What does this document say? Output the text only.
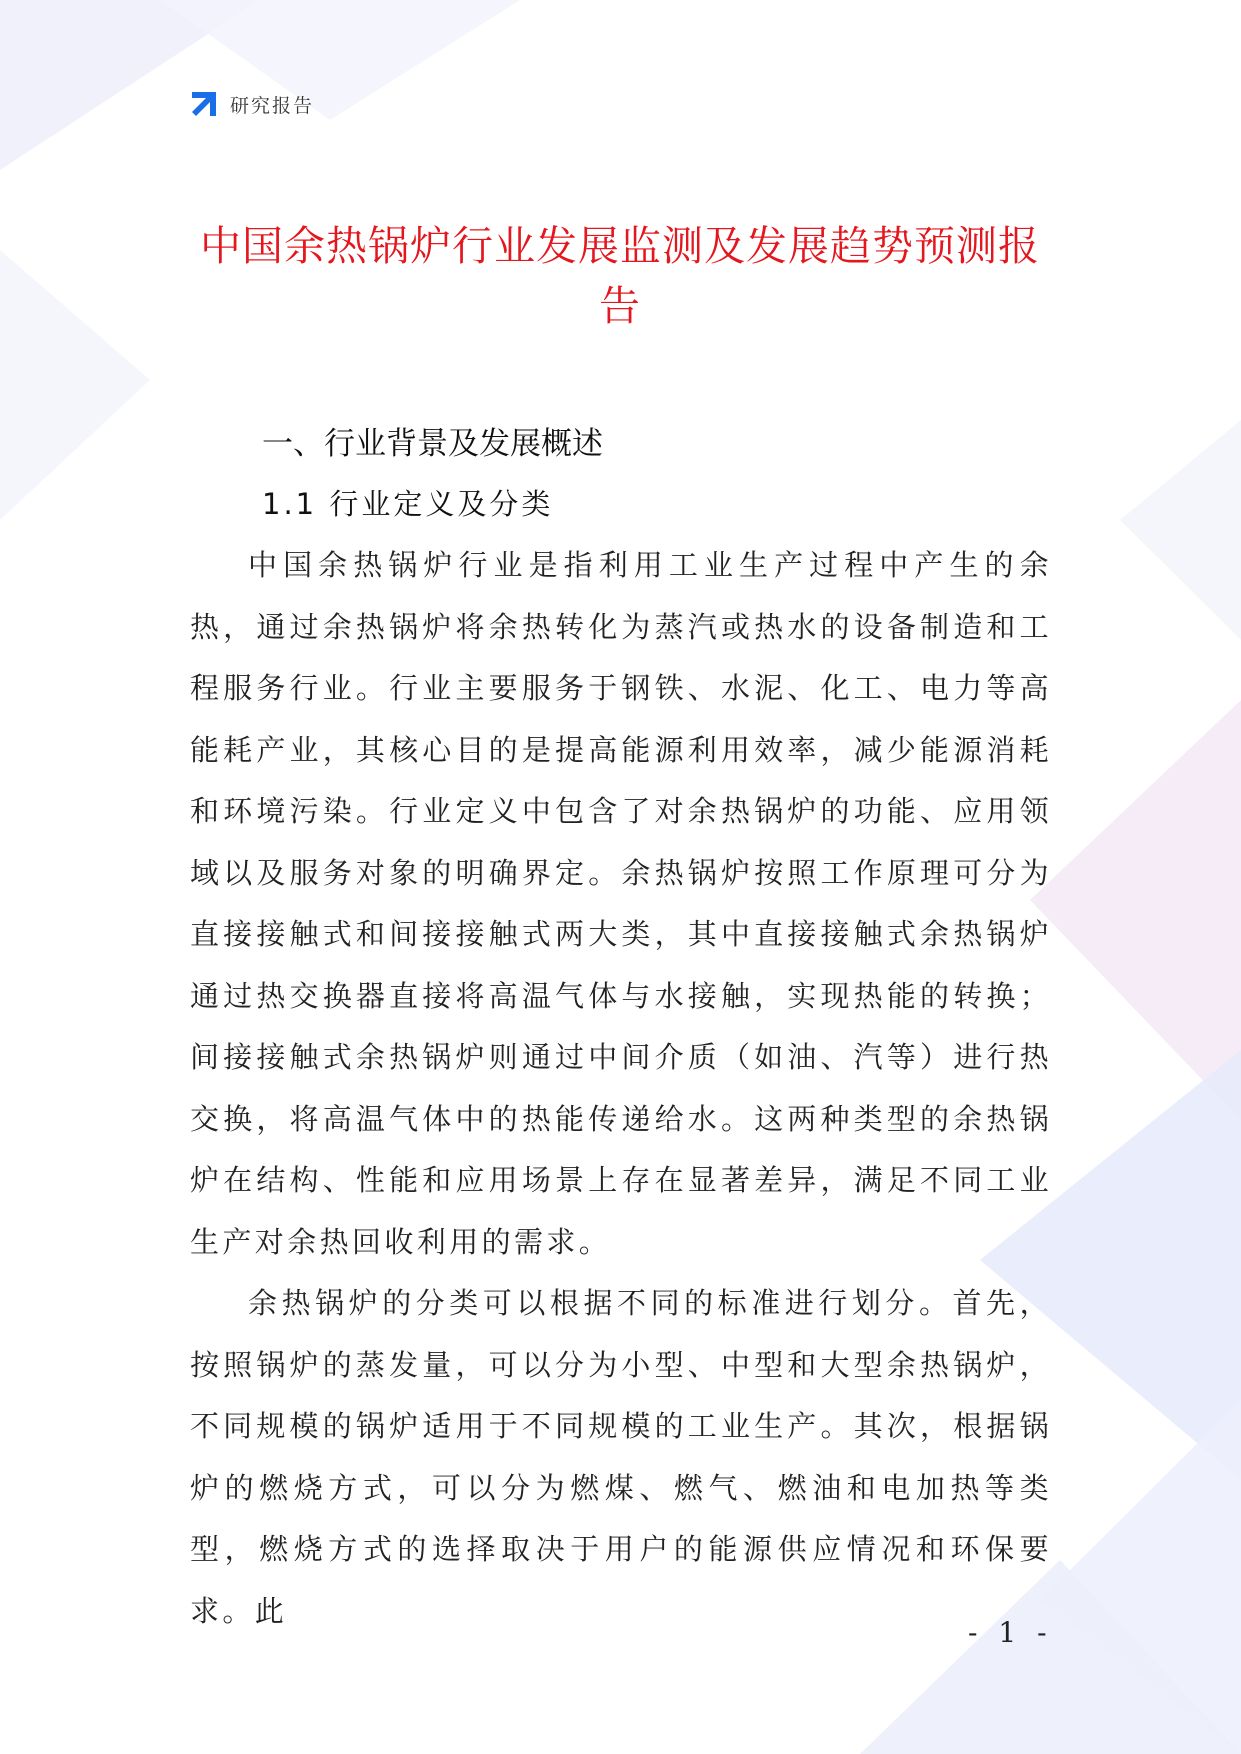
研究报告
中国余热锅炉行业发展监测及发展趋势预测报告
一、行业背景及发展概述
1.1 行业定义及分类

中国余热锅炉行业是指利用工业生产过程中产生的余热，通过余热锅炉将余热转化为蒸汽或热水的设备制造和工程服务行业。行业主要服务于钢铁、水泥、化工、电力等高能耗产业，其核心目的是提高能源利用效率，减少能源消耗和环境污染。行业定义中包含了对余热锅炉的功能、应用领域以及服务对象的明确界定。余热锅炉按照工作原理可分为直接接触式和间接接触式两大类，其中直接接触式余热锅炉通过热交换器直接将高温气体与水接触，实现热能的转换；间接接触式余热锅炉则通过中间介质（如油、汽等）进行热交换，将高温气体中的热能传递给水。这两种类型的余热锅炉在结构、性能和应用场景上存在显著差异，满足不同工业生产对余热回收利用的需求。

余热锅炉的分类可以根据不同的标准进行划分。首先，按照锅炉的蒸发量，可以分为小型、中型和大型余热锅炉，不同规模的锅炉适用于不同规模的工业生产。其次，根据锅炉的燃烧方式，可以分为燃煤、燃气、燃油和电加热等类型，燃烧方式的选择取决于用户的能源供应情况和环保要求。此

- 1 -
